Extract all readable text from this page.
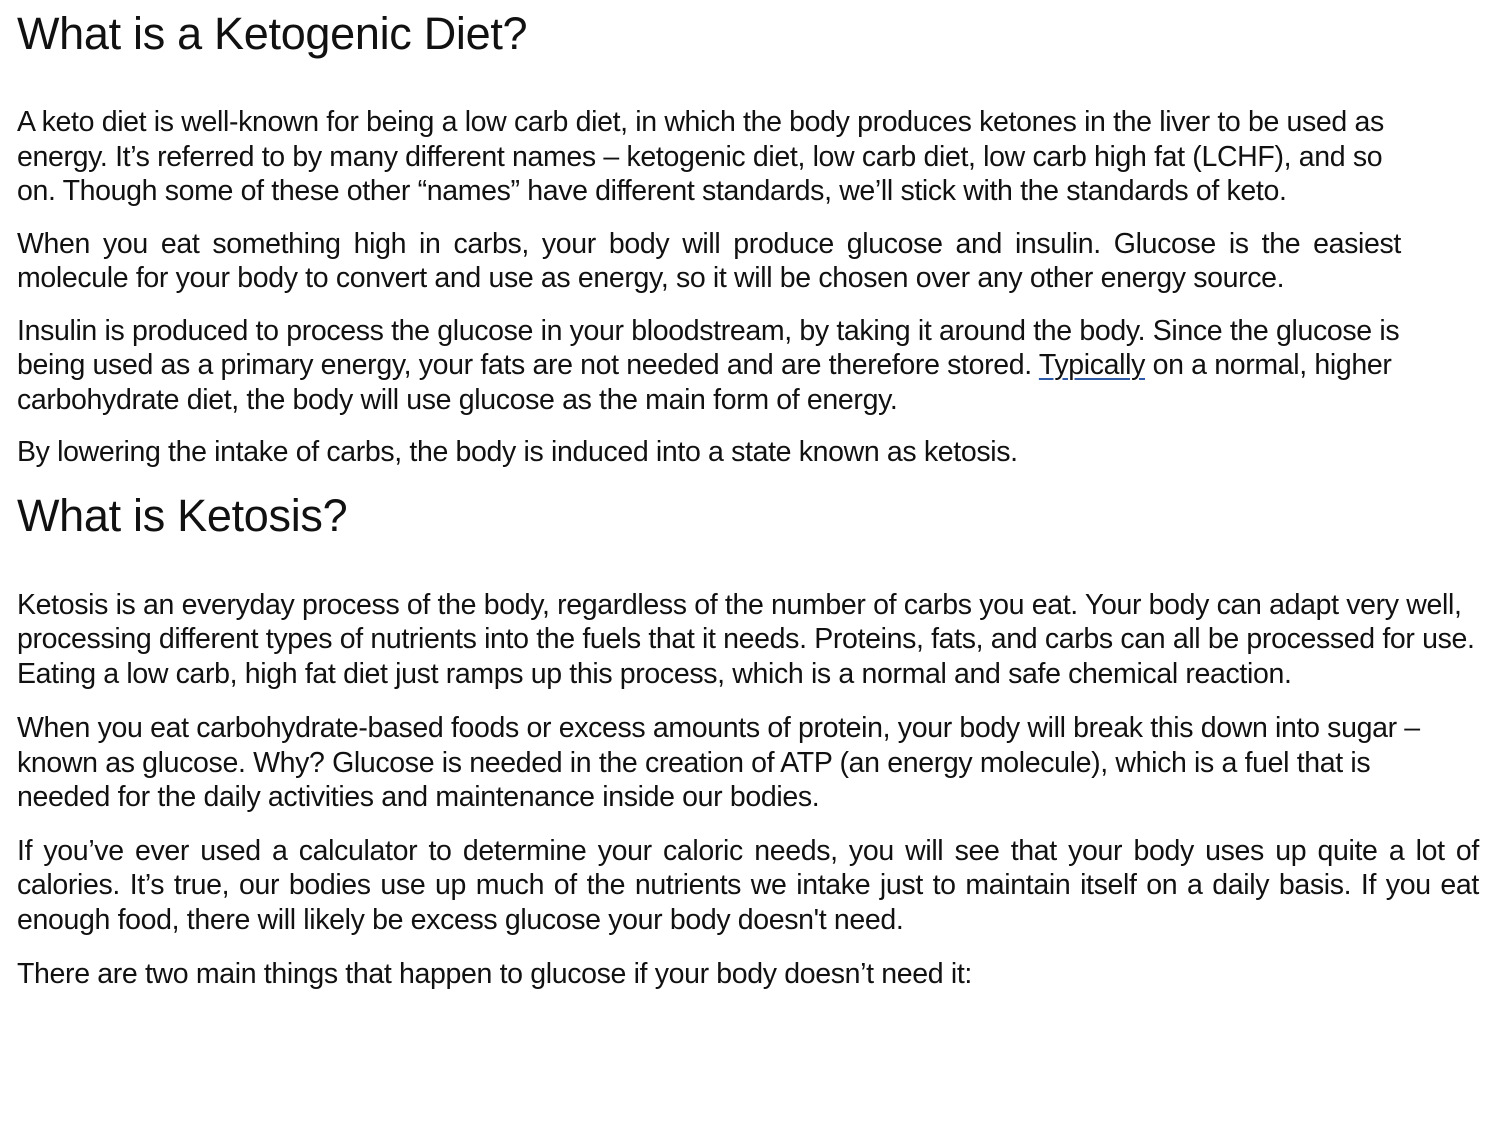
What is a Ketogenic Diet?

A keto diet is well-known for being a low carb diet, in which the body produces ketones in the liver to be used as energy. It’s referred to by many different names – ketogenic diet, low carb diet, low carb high fat (LCHF), and so on. Though some of these other “names” have different standards, we’ll stick with the standards of keto.

When you eat something high in carbs, your body will produce glucose and insulin. Glucose is the easiest molecule for your body to convert and use as energy, so it will be chosen over any other energy source.

Insulin is produced to process the glucose in your bloodstream, by taking it around the body. Since the glucose is being used as a primary energy, your fats are not needed and are therefore stored. Typically on a normal, higher carbohydrate diet, the body will use glucose as the main form of energy.

By lowering the intake of carbs, the body is induced into a state known as ketosis.

What is Ketosis?

Ketosis is an everyday process of the body, regardless of the number of carbs you eat. Your body can adapt very well, processing different types of nutrients into the fuels that it needs. Proteins, fats, and carbs can all be processed for use. Eating a low carb, high fat diet just ramps up this process, which is a normal and safe chemical reaction.

When you eat carbohydrate-based foods or excess amounts of protein, your body will break this down into sugar – known as glucose. Why? Glucose is needed in the creation of ATP (an energy molecule), which is a fuel that is needed for the daily activities and maintenance inside our bodies.

If you’ve ever used a calculator to determine your caloric needs, you will see that your body uses up quite a lot of calories. It’s true, our bodies use up much of the nutrients we intake just to maintain itself on a daily basis. If you eat enough food, there will likely be excess glucose your body doesn't need.

There are two main things that happen to glucose if your body doesn’t need it:
